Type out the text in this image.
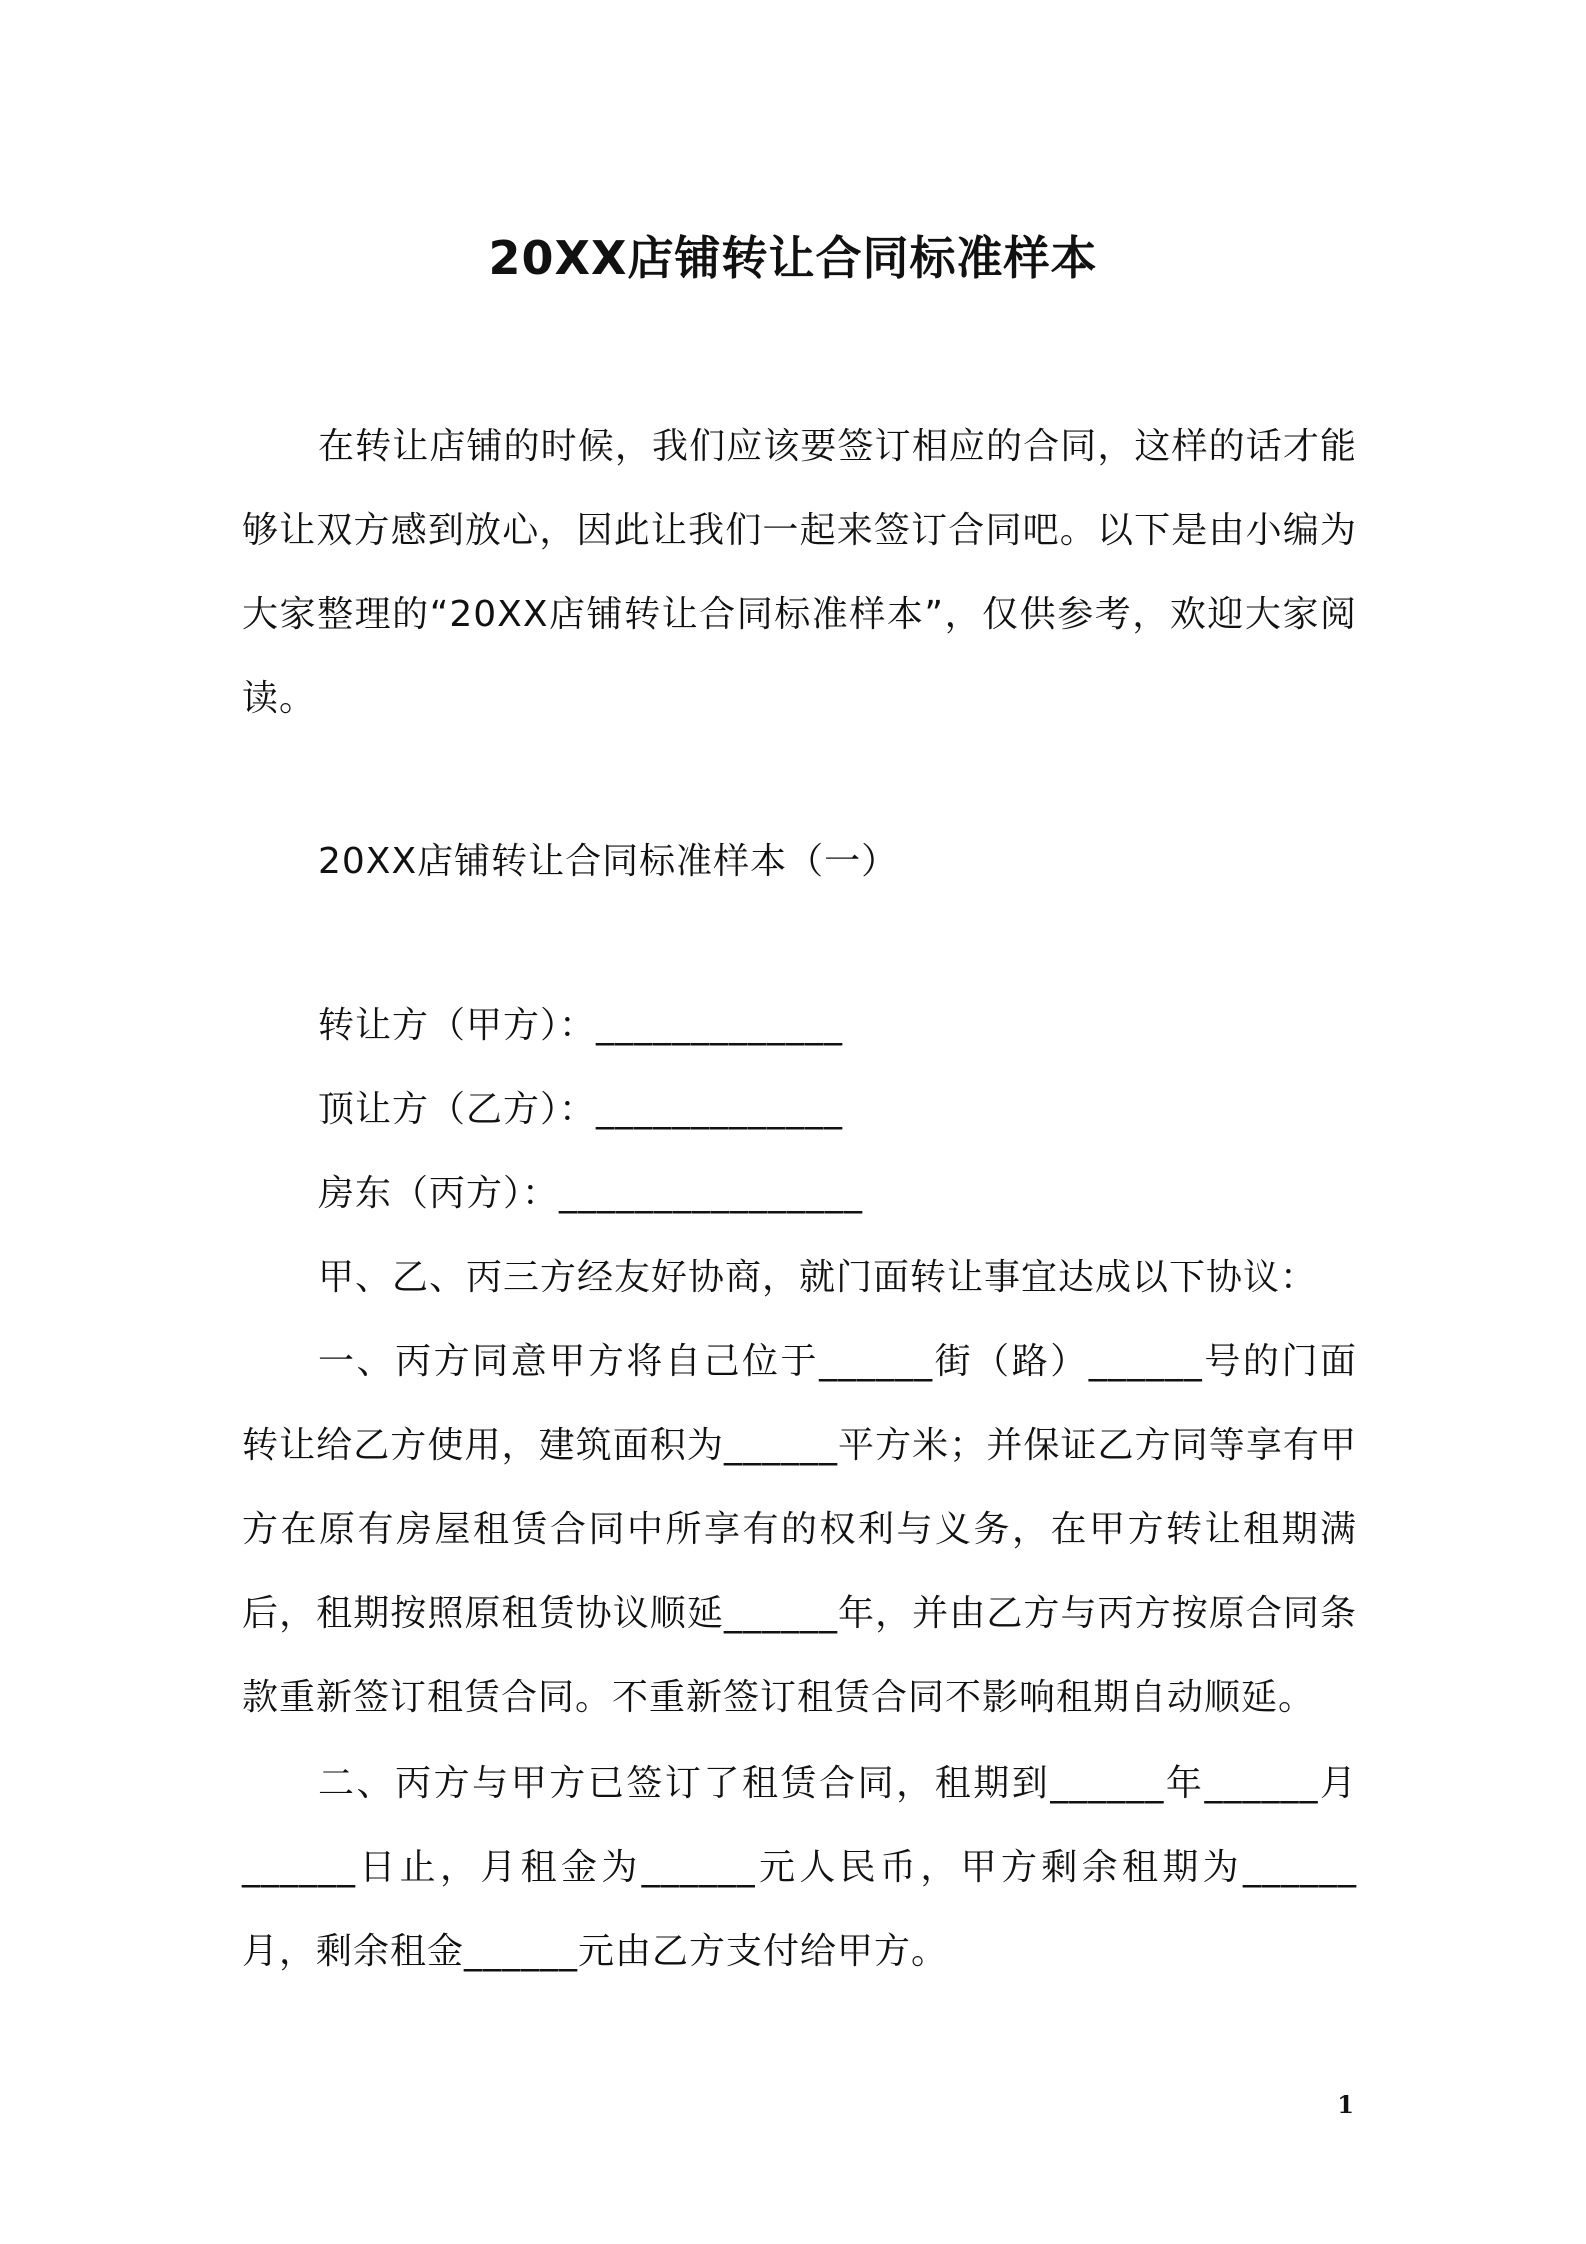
20XX店铺转让合同标准样本
在转让店铺的时候，我们应该要签订相应的合同，这样的话才能够让双方感到放心，因此让我们一起来签订合同吧。以下是由小编为大家整理的“20XX店铺转让合同标准样本”，仅供参考，欢迎大家阅读。
20XX店铺转让合同标准样本（一）
转让方（甲方）：_____________
顶让方（乙方）：_____________
房东（丙方）：________________
甲、乙、丙三方经友好协商，就门面转让事宜达成以下协议：
一、丙方同意甲方将自己位于______街（路）______号的门面转让给乙方使用，建筑面积为______平方米；并保证乙方同等享有甲方在原有房屋租赁合同中所享有的权利与义务，在甲方转让租期满后，租期按照原租赁协议顺延______年，并由乙方与丙方按原合同条款重新签订租赁合同。不重新签订租赁合同不影响租期自动顺延。
二、丙方与甲方已签订了租赁合同，租期到______年______月______日止，月租金为______元人民币，甲方剩余租期为______月，剩余租金______元由乙方支付给甲方。
1
